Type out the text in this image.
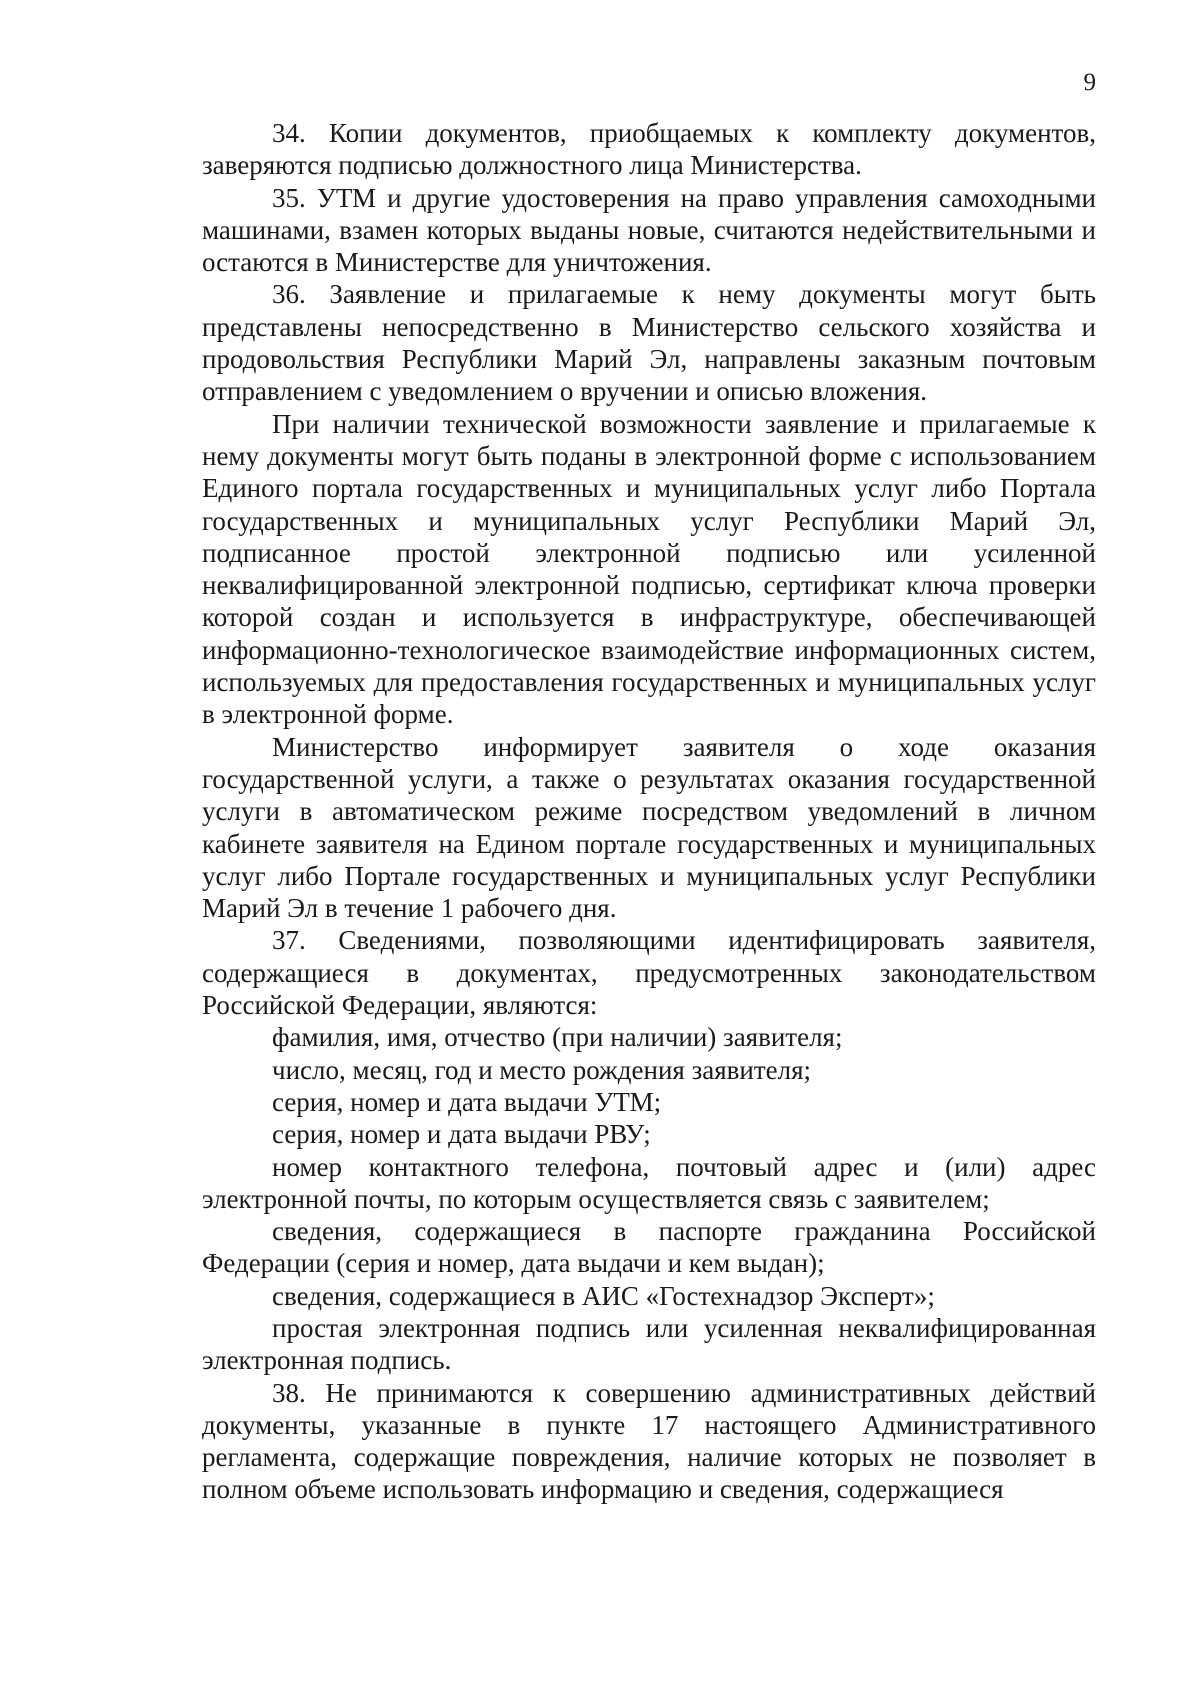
9

34. Копии документов, приобщаемых к комплекту документов, заверяются подписью должностного лица Министерства.

35. УТМ и другие удостоверения на право управления самоходными машинами, взамен которых выданы новые, считаются недействительными и остаются в Министерстве для уничтожения.

36. Заявление и прилагаемые к нему документы могут быть представлены непосредственно в Министерство сельского хозяйства и продовольствия Республики Марий Эл, направлены заказным почтовым отправлением с уведомлением о вручении и описью вложения.

При наличии технической возможности заявление и прилагаемые к нему документы могут быть поданы в электронной форме с использованием Единого портала государственных и муниципальных услуг либо Портала государственных и муниципальных услуг Республики Марий Эл, подписанное простой электронной подписью или усиленной неквалифицированной электронной подписью, сертификат ключа проверки которой создан и используется в инфраструктуре, обеспечивающей информационно-технологическое взаимодействие информационных систем, используемых для предоставления государственных и муниципальных услуг в электронной форме.

Министерство информирует заявителя о ходе оказания государственной услуги, а также о результатах оказания государственной услуги в автоматическом режиме посредством уведомлений в личном кабинете заявителя на Едином портале государственных и муниципальных услуг либо Портале государственных и муниципальных услуг Республики Марий Эл в течение 1 рабочего дня.

37. Сведениями, позволяющими идентифицировать заявителя, содержащиеся в документах, предусмотренных законодательством Российской Федерации, являются:

фамилия, имя, отчество (при наличии) заявителя;

число, месяц, год и место рождения заявителя;

серия, номер и дата выдачи УТМ;

серия, номер и дата выдачи РВУ;

номер контактного телефона, почтовый адрес и (или) адрес электронной почты, по которым осуществляется связь с заявителем;

сведения, содержащиеся в паспорте гражданина Российской Федерации (серия и номер, дата выдачи и кем выдан);

сведения, содержащиеся в АИС «Гостехнадзор Эксперт»;

простая электронная подпись или усиленная неквалифицированная электронная подпись.

38. Не принимаются к совершению административных действий документы, указанные в пункте 17 настоящего Административного регламента, содержащие повреждения, наличие которых не позволяет в полном объеме использовать информацию и сведения, содержащиеся
